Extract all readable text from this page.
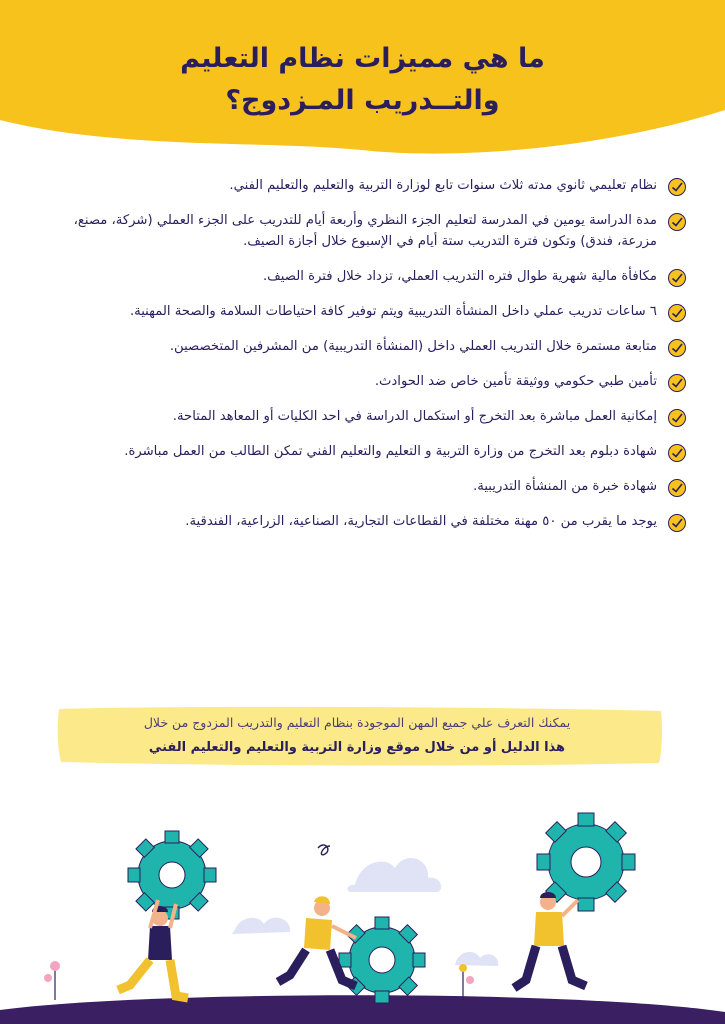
ما هي مميزات نظام التعليم
والتــدريب المـزدوج؟
نظام تعليمي ثانوي مدته ثلاث سنوات تابع لوزارة التربية والتعليم والتعليم الفني.
مدة الدراسة يومين في المدرسة لتعليم الجزء النظري وأربعة أيام للتدريب على الجزء العملي (شركة، مصنع، مزرعة، فندق) وتكون فترة التدريب ستة أيام في الإسبوع خلال أجازة الصيف.
مكافأة مالية شهرية طوال فتره التدريب العملي، تزداد خلال فترة الصيف.
٦ ساعات تدريب عملي داخل المنشأة التدريبية ويتم توفير كافة احتياطات السلامة والصحة المهنية.
متابعة مستمرة خلال التدريب العملي داخل (المنشأة التدريبية) من المشرفين المتخصصين.
تأمين طبي حكومي ووثيقة تأمين خاص ضد الحوادث.
إمكانية العمل مباشرة بعد التخرج أو استكمال الدراسة في احد الكليات أو المعاهد المتاحة.
شهادة دبلوم بعد التخرج من وزارة التربية و التعليم والتعليم الفني تمكن الطالب من العمل مباشرة.
شهادة خبرة من المنشأة التدريبية.
يوجد ما يقرب من ٥٠ مهنة مختلفة في القطاعات التجارية، الصناعية، الزراعية، الفندقية.
يمكنك التعرف علي جميع المهن الموجودة بنظام التعليم والتدريب المزدوج من خلال
هذا الدليل أو من خلال موقع وزارة التربية والتعليم والتعليم الفني
